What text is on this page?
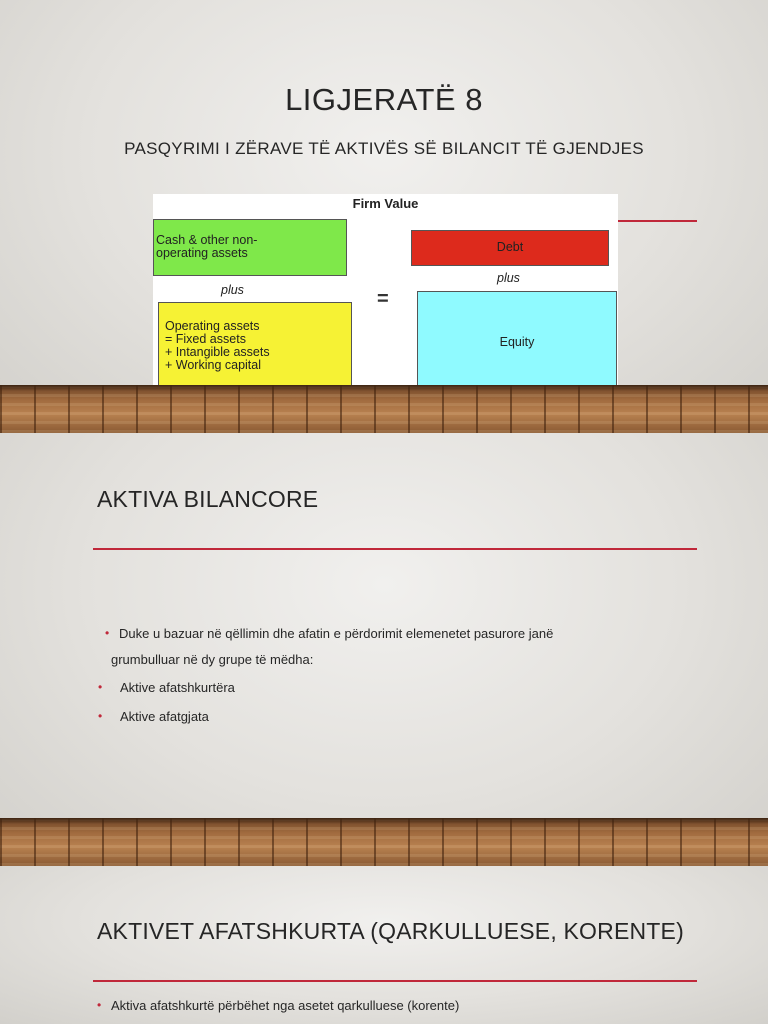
LIGJERATË 8
PASQYRIMI I ZËRAVE TË AKTIVËS SË BILANCIT TË GJENDJES
Firm Value
Cash & other non-
operating assets
plus
Operating assets
= Fixed assets
+ Intangible assets
+ Working capital
=
Debt
plus
Equity
AKTIVA BILANCORE
• Duke u bazuar në qëllimin dhe afatin e përdorimit elemenetet pasurore janë
grumbulluar në dy grupe të mëdha:
• Aktive afatshkurtëra
• Aktive afatgjata
AKTIVET AFATSHKURTA (QARKULLUESE, KORENTE)
• Aktiva afatshkurtë përbëhet nga asetet qarkulluese (korente)
